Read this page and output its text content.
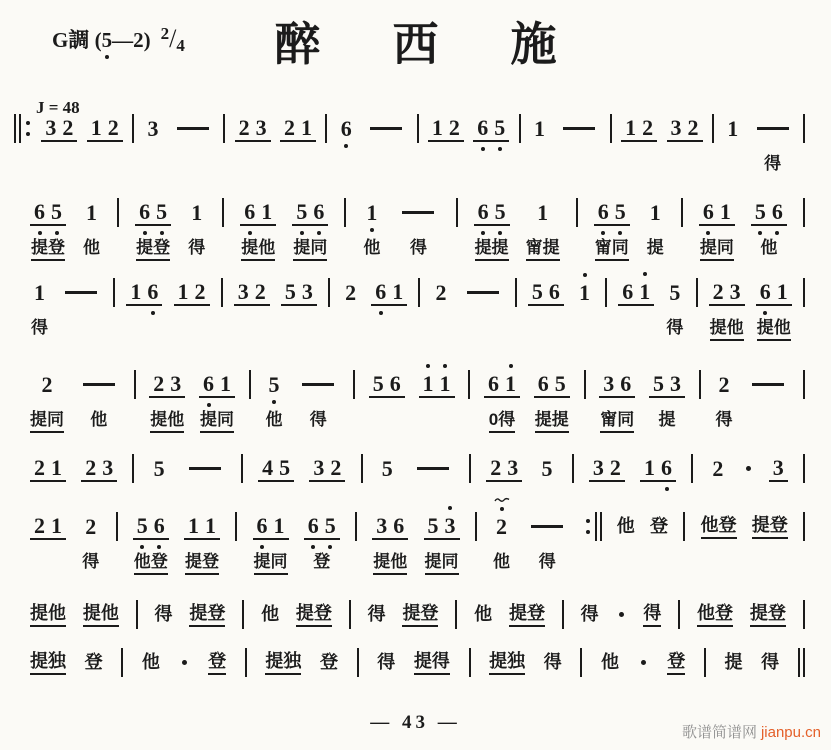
G調 (5—2) $^2$/4	醉西施
J = 48
3 2 1 2 3	2 3 2 1 6	1 2 6 5 1	1 2 3 2 1
得
6 5
提登
1
他
6 5
提登
1
得
6 1
提他
5 6
提同
1
他 得
6 5
提提
1
甯提
6 5
甯同
1
提
6 1
提同
5 6
他
1
得
1 6 1 2 3 2 5 3 2 6 1 2	5 6 1 6 1 5
得
2 3
提他
6 1
提他
2
提同 他
2 3
提他
6 1
提同
5
他 得
5 6 1 1 6 1
0得
6 5
提提
3 6
甯同
5 3
提
2
得
2 1 2 3 5	4 5 3 2 5	2 3 5 3 2 1 6 2 3
2 1 2
得
5 6
他登
1 1
提登
6 1
提同
6 5
登
3 6
提他
5 3
提同
2
他 得
他 登 他登 提登
提他 提他 得 提登 他 提登 得 提登 他 提登 得 得 他登 提登
提独 登 他	登 提独 登 得 提得 提独 得 他	登 提 得
— 43 —	歌谱简谱网 jianpu.cn
